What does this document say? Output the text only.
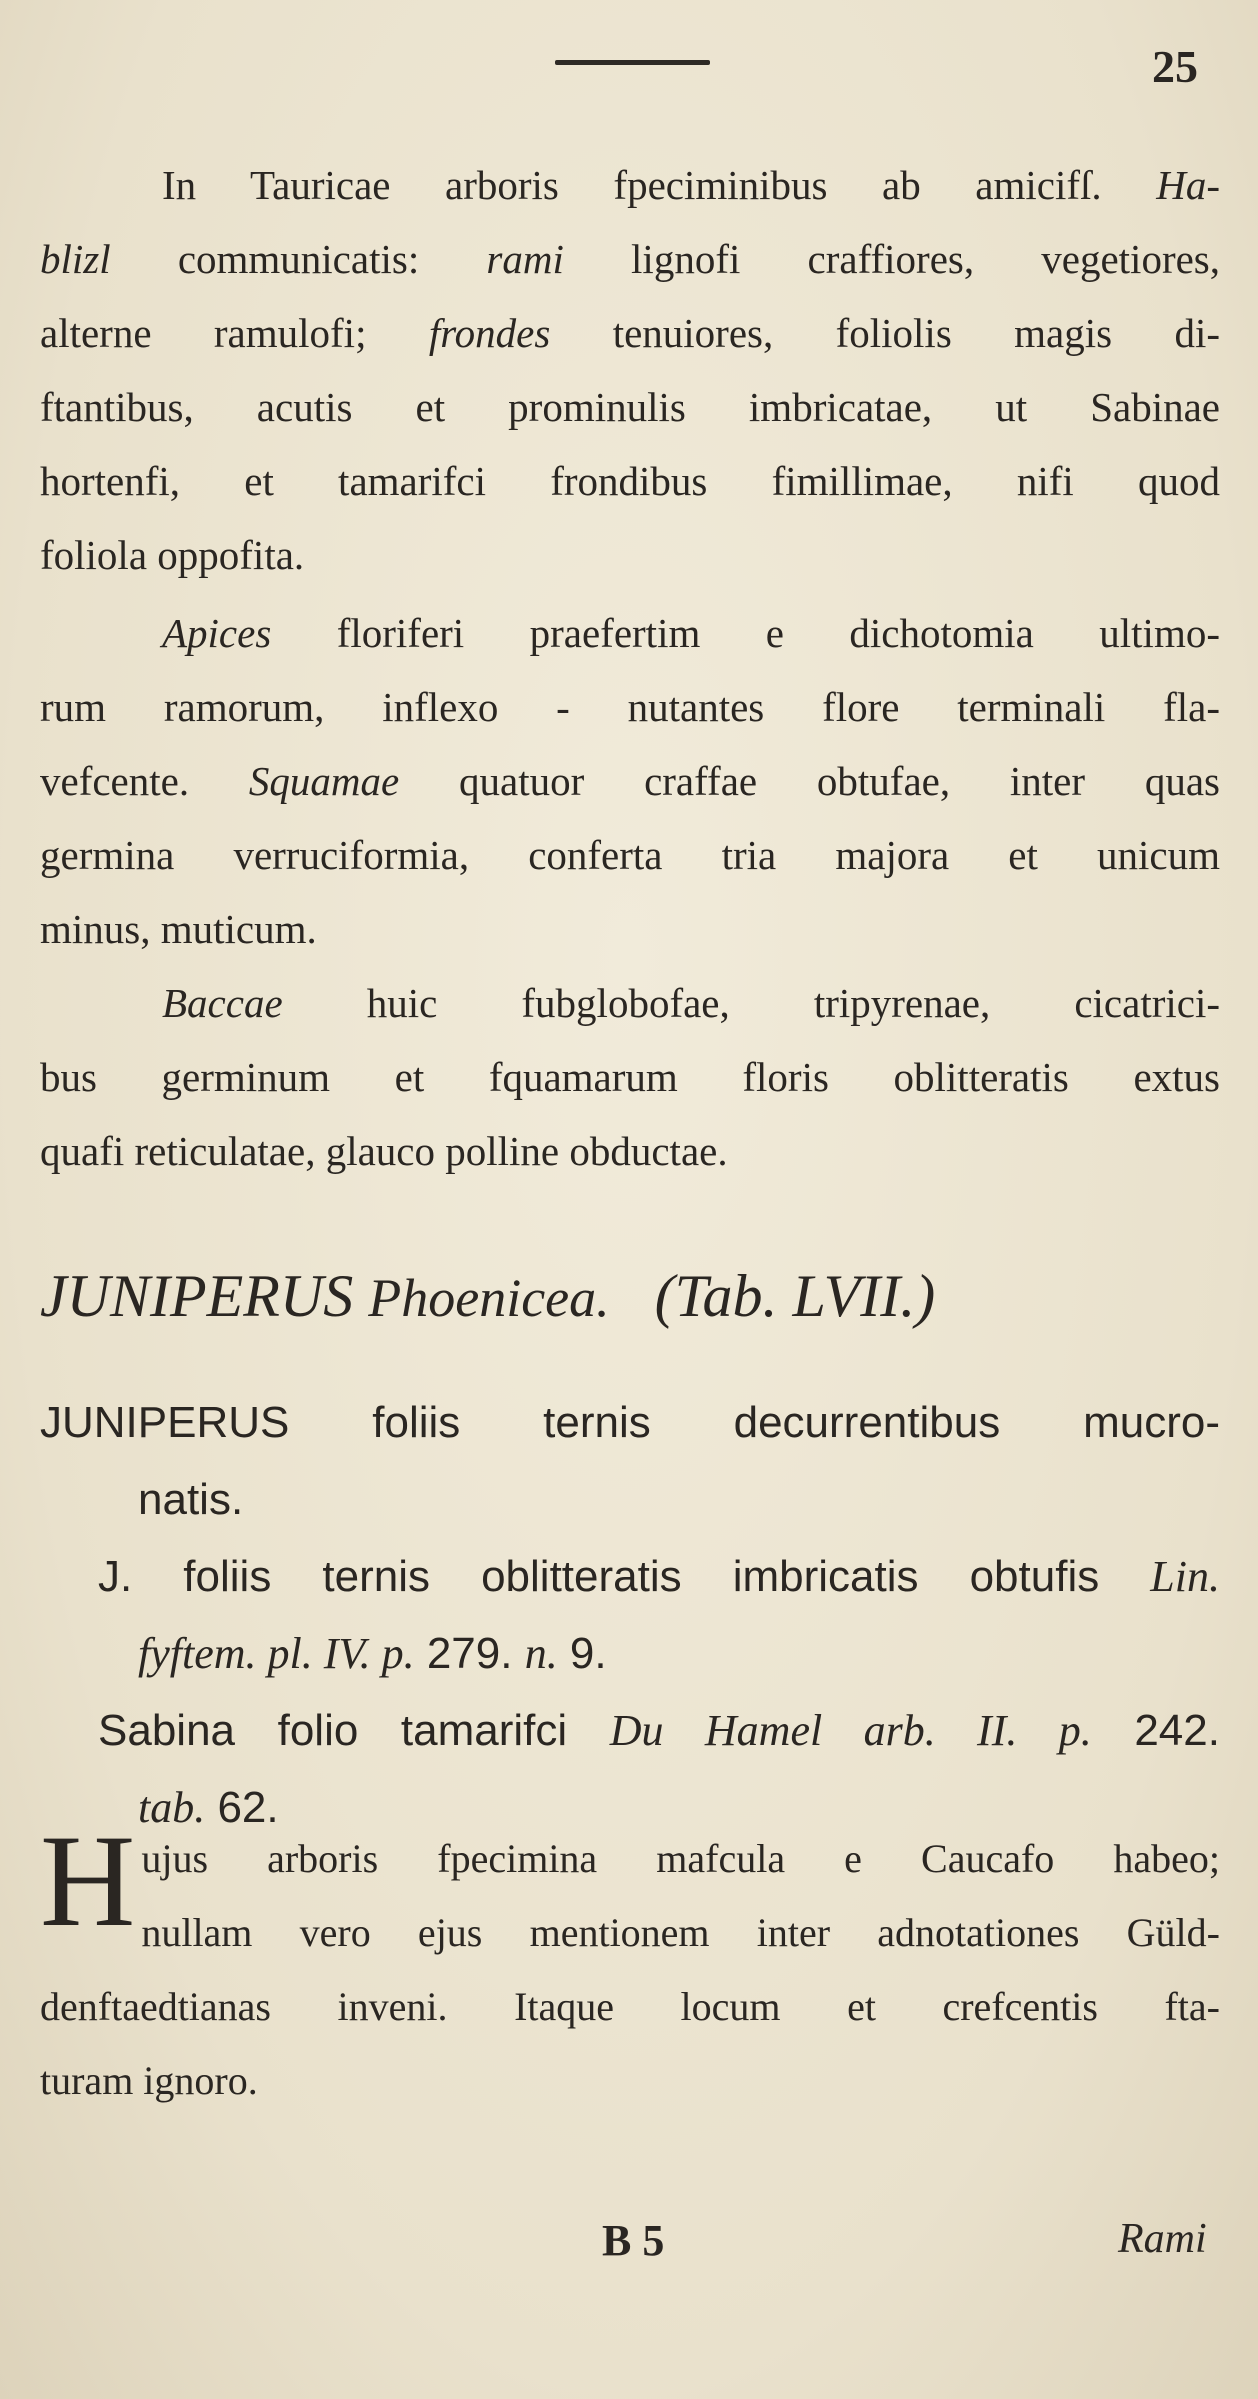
25
In Tauricae arboris fpeciminibus ab amicifſ. Ha-
blizl communicatis: rami lignofi craffiores, vegetiores,
alterne ramulofi; frondes tenuiores, foliolis magis di-
ftantibus, acutis et prominulis imbricatae, ut Sabinae
hortenfi, et tamarifci frondibus fimillimae, nifi quod
foliola oppofita.
Apices floriferi praefertim e dichotomia ultimo-
rum ramorum, inflexo - nutantes flore terminali fla-
vefcente. Squamae quatuor craffae obtufae, inter quas
germina verruciformia, conferta tria majora et unicum
minus, muticum.
Baccae huic fubglobofae, tripyrenae, cicatrici-
bus germinum et fquamarum floris oblitteratis extus
quafi reticulatae, glauco polline obductae.
JUNIPERUS Phoenicea. (Tab. LVII.)
JUNIPERUS foliis ternis decurrentibus mucro-
natis.
J. foliis ternis oblitteratis imbricatis obtufis Lin.
fyftem. pl. IV. p. 279. n. 9.
Sabina folio tamarifci Du Hamel arb. II. p. 242.
tab. 62.
H ujus arboris fpecimina mafcula e Caucafo habeo;
nullam vero ejus mentionem inter adnotationes Güld-
denftaedtianas inveni. Itaque locum et crefcentis fta-
turam ignoro.
B 5	Rami
